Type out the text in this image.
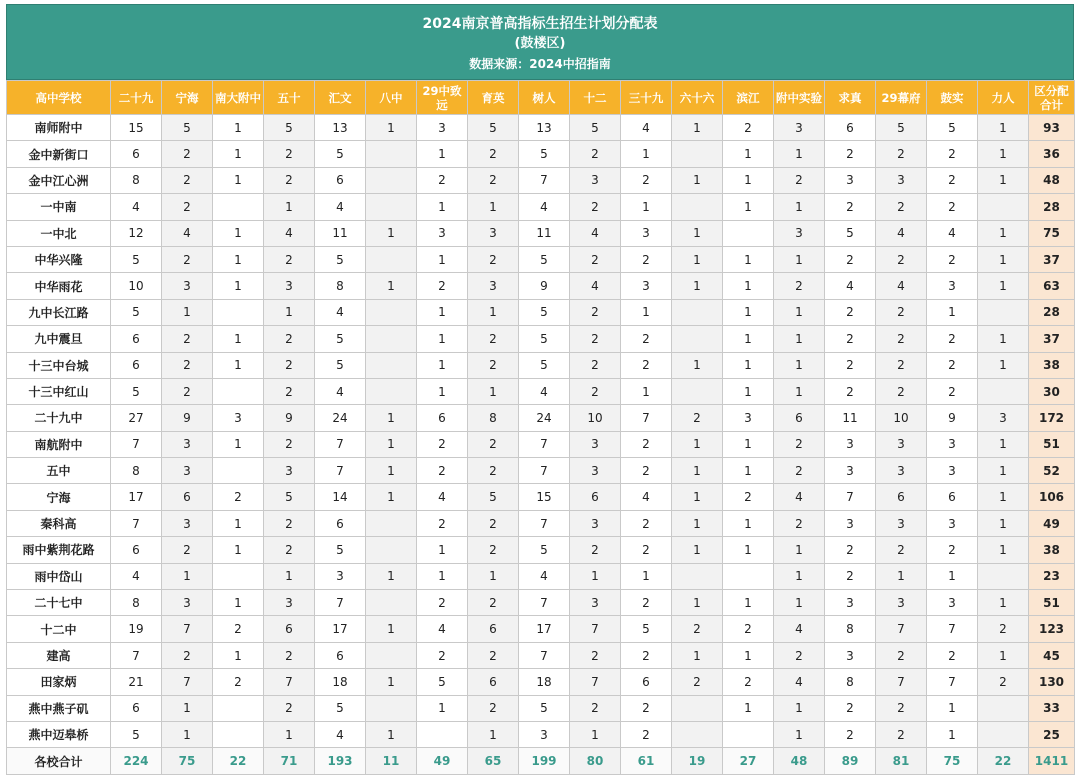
2024南京普高指标生招生计划分配表
(鼓楼区)
数据来源：2024中招指南
高中学校	二十九	宁海	南大附中	五十	汇文	八中	29中致远	育英	树人	十二	三十九	六十六	滨江	附中实验	求真	29幕府	鼓实	力人	区分配合计
南师附中	15	5	1	5	13	1	3	5	13	5	4	1	2	3	6	5	5	1	93
金中新街口	6	2	1	2	5		1	2	5	2	1		1	1	2	2	2	1	36
金中江心洲	8	2	1	2	6		2	2	7	3	2	1	1	2	3	3	2	1	48
一中南	4	2		1	4		1	1	4	2	1		1	1	2	2	2		28
一中北	12	4	1	4	11	1	3	3	11	4	3	1		3	5	4	4	1	75
中华兴隆	5	2	1	2	5		1	2	5	2	2	1	1	1	2	2	2	1	37
中华雨花	10	3	1	3	8	1	2	3	9	4	3	1	1	2	4	4	3	1	63
九中长江路	5	1		1	4		1	1	5	2	1		1	1	2	2	1		28
九中震旦	6	2	1	2	5		1	2	5	2	2		1	1	2	2	2	1	37
十三中台城	6	2	1	2	5		1	2	5	2	2	1	1	1	2	2	2	1	38
十三中红山	5	2		2	4		1	1	4	2	1		1	1	2	2	2		30
二十九中	27	9	3	9	24	1	6	8	24	10	7	2	3	6	11	10	9	3	172
南航附中	7	3	1	2	7	1	2	2	7	3	2	1	1	2	3	3	3	1	51
五中	8	3		3	7	1	2	2	7	3	2	1	1	2	3	3	3	1	52
宁海	17	6	2	5	14	1	4	5	15	6	4	1	2	4	7	6	6	1	106
秦科高	7	3	1	2	6		2	2	7	3	2	1	1	2	3	3	3	1	49
雨中紫荆花路	6	2	1	2	5		1	2	5	2	2	1	1	1	2	2	2	1	38
雨中岱山	4	1		1	3	1	1	1	4	1	1			1	2	1	1		23
二十七中	8	3	1	3	7		2	2	7	3	2	1	1	1	3	3	3	1	51
十二中	19	7	2	6	17	1	4	6	17	7	5	2	2	4	8	7	7	2	123
建高	7	2	1	2	6		2	2	7	2	2	1	1	2	3	2	2	1	45
田家炳	21	7	2	7	18	1	5	6	18	7	6	2	2	4	8	7	7	2	130
燕中燕子矶	6	1		2	5		1	2	5	2	2		1	1	2	2	1		33
燕中迈皋桥	5	1		1	4	1		1	3	1	2			1	2	2	1		25
各校合计	224	75	22	71	193	11	49	65	199	80	61	19	27	48	89	81	75	22	1411
